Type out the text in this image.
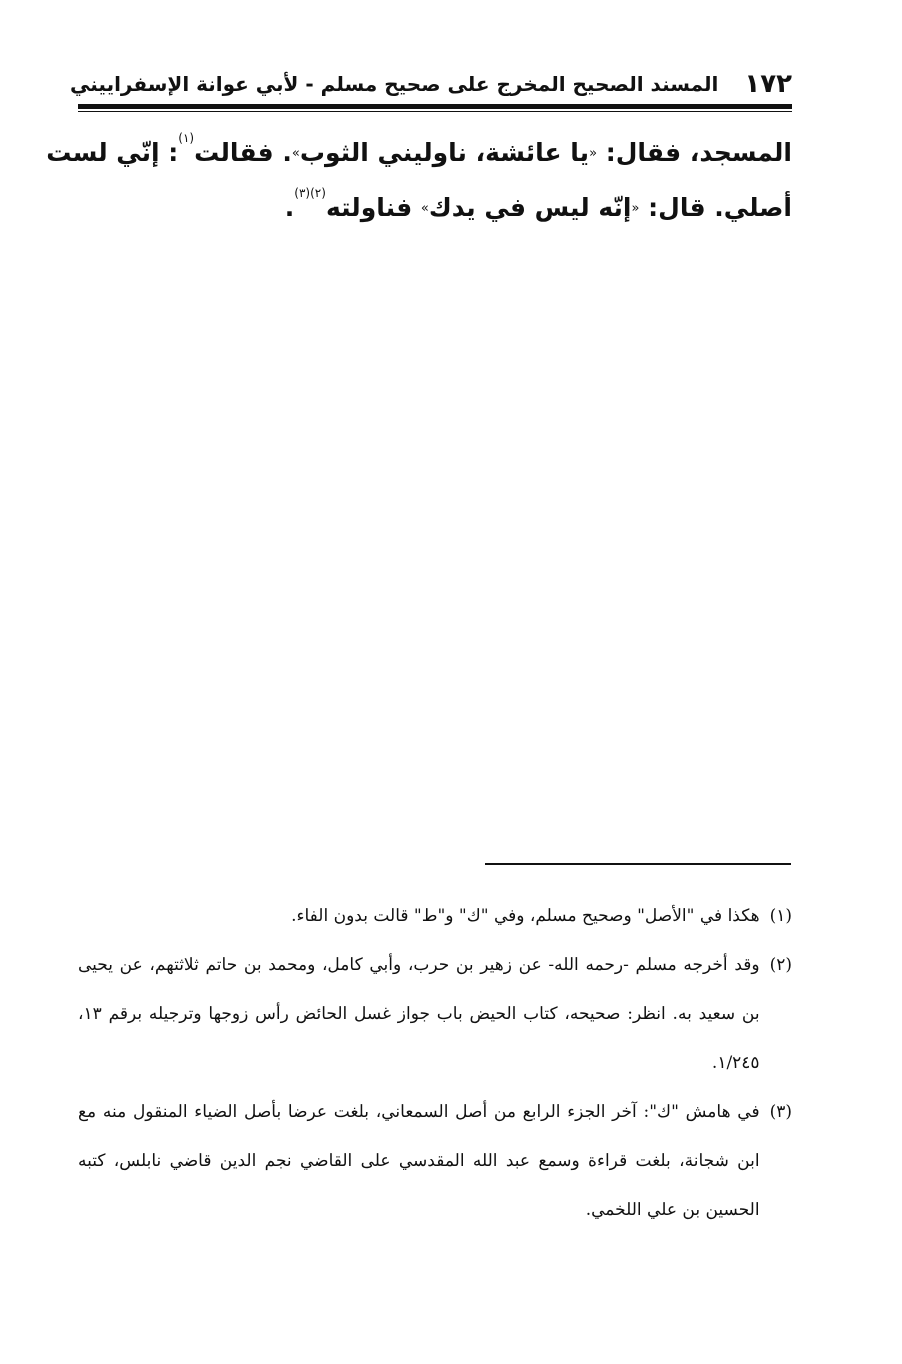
١٧٢
المسند الصحيح المخرج على صحيح مسلم - لأبي عوانة الإسفراييني
المسجد، فقال: «يا عائشة، ناوليني الثوب». فقالت$^{(١)}$: إنّي لست
أصلي. قال: «إنّه ليس في يدك» فناولته$^{(٢)(٣)}$.
(١)
هكذا في "الأصل" وصحيح مسلم، وفي "ك" و"ط" قالت بدون الفاء.
(٢)
وقد أخرجه مسلم -رحمه الله- عن زهير بن حرب، وأبي كامل، ومحمد بن حاتم ثلاثتهم، عن يحيى بن سعيد به. انظر: صحيحه، كتاب الحيض باب جواز غسل الحائض رأس زوجها وترجيله برقم ١٣، ١/٢٤٥.
(٣)
في هامش "ك": آخر الجزء الرابع من أصل السمعاني، بلغت عرضا بأصل الضياء المنقول منه مع ابن شجانة، بلغت قراءة وسمع عبد الله المقدسي على القاضي نجم الدين قاضي نابلس، كتبه الحسين بن علي اللخمي.
